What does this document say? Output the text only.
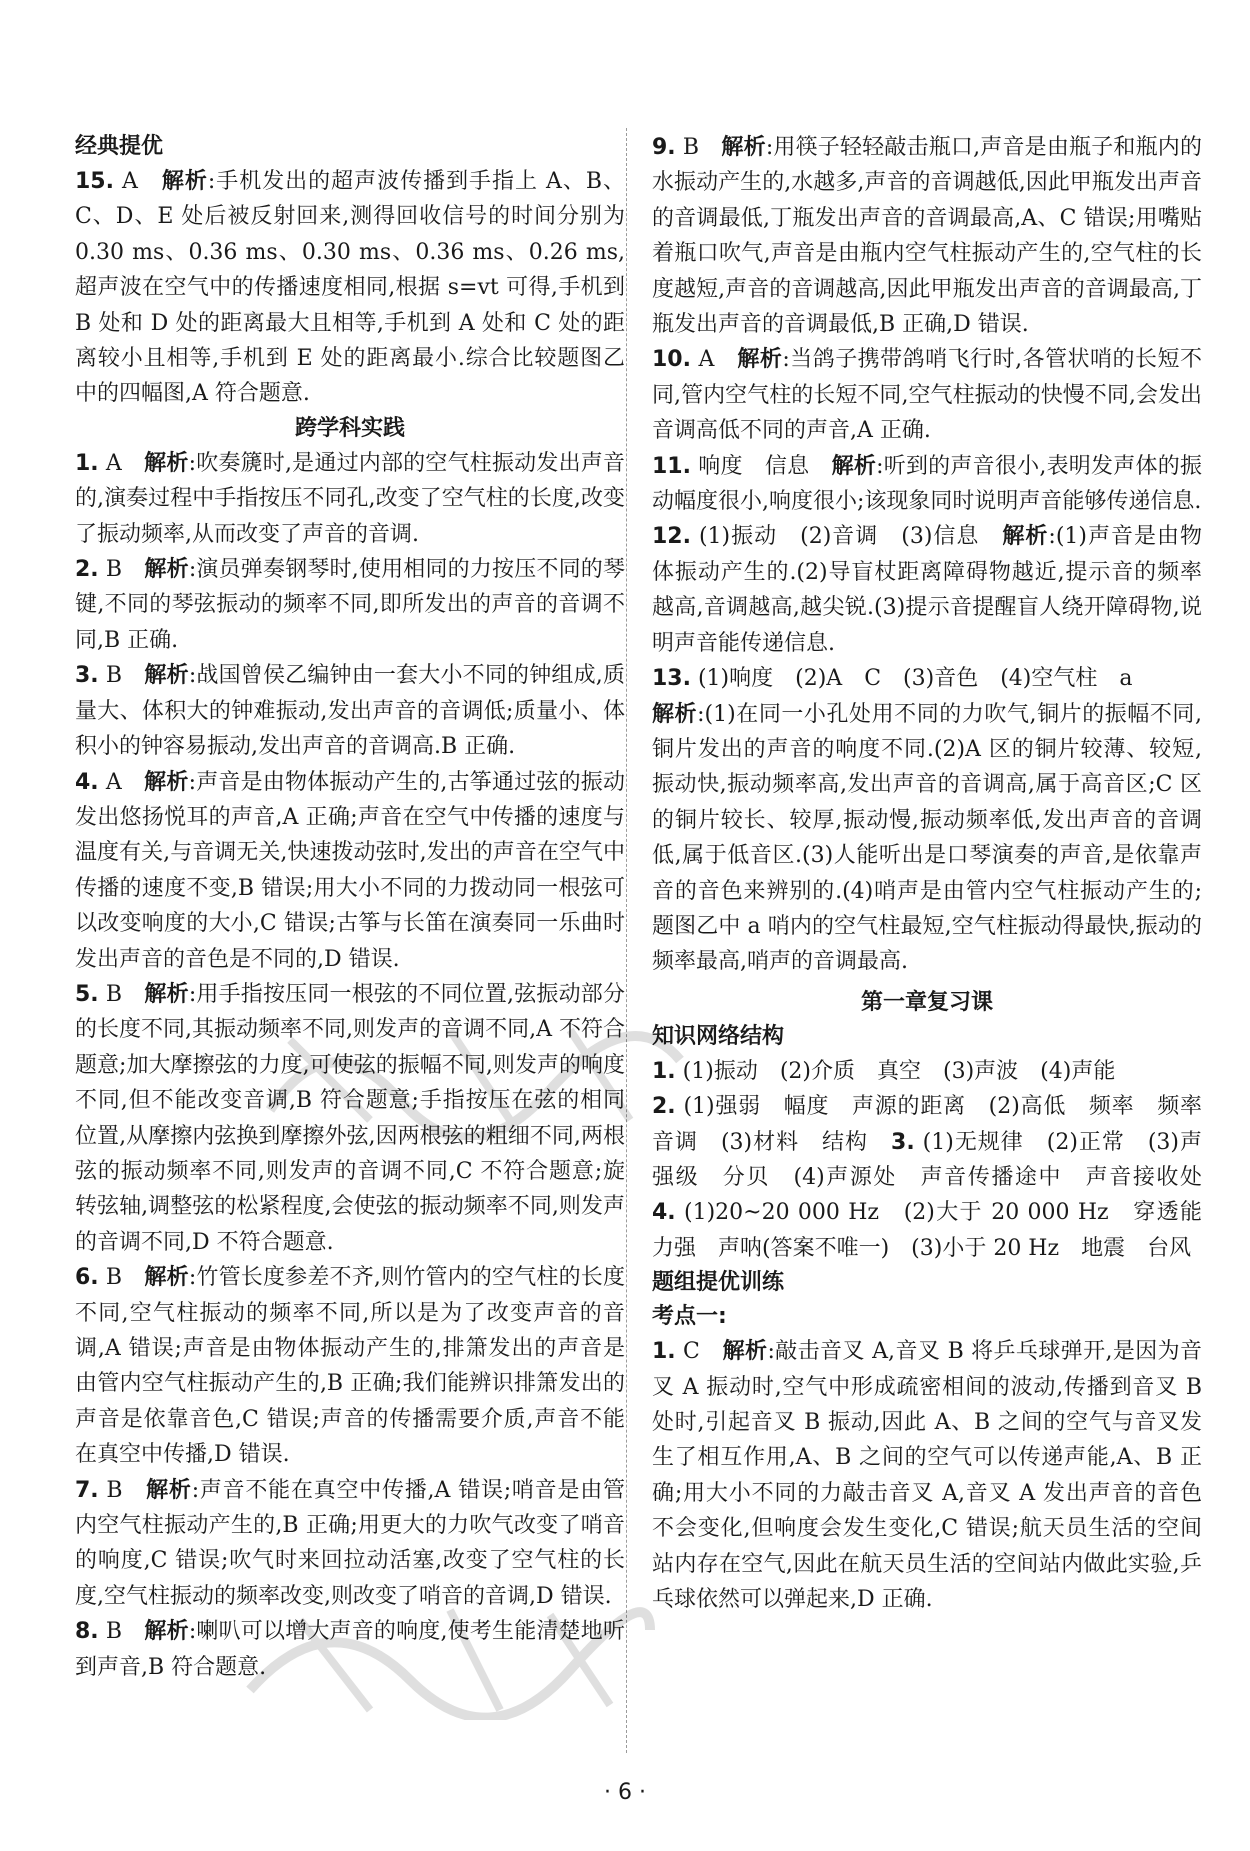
经典提优

15. A　 解析:手机发出的超声波传播到手指上 A、B、C、D、E 处后被反射回来,测得回收信号的时间分别为0.30 ms、0.36 ms、0.30 ms、0.36 ms、0.26 ms,超声波在空气中的传播速度相同,根据 s=vt 可得,手机到 B 处和 D 处的距离最大且相等,手机到 A 处和 C 处的距离较小且相等,手机到 E 处的距离最小.综合比较题图乙中的四幅图,A 符合题意.

跨学科实践

1. A　 解析:吹奏篪时,是通过内部的空气柱振动发出声音的,演奏过程中手指按压不同孔,改变了空气柱的长度,改变了振动频率,从而改变了声音的音调.

2. B　 解析:演员弹奏钢琴时,使用相同的力按压不同的琴键,不同的琴弦振动的频率不同,即所发出的声音的音调不同,B 正确.

3. B　 解析:战国曾侯乙编钟由一套大小不同的钟组成,质量大、体积大的钟难振动,发出声音的音调低;质量小、体积小的钟容易振动,发出声音的音调高.B 正确.

4. A　 解析:声音是由物体振动产生的,古筝通过弦的振动发出悠扬悦耳的声音,A 正确;声音在空气中传播的速度与温度有关,与音调无关,快速拨动弦时,发出的声音在空气中传播的速度不变,B 错误;用大小不同的力拨动同一根弦可以改变响度的大小,C 错误;古筝与长笛在演奏同一乐曲时发出声音的音色是不同的,D 错误.

5. B　 解析:用手指按压同一根弦的不同位置,弦振动部分的长度不同,其振动频率不同,则发声的音调不同,A 不符合题意;加大摩擦弦的力度,可使弦的振幅不同,则发声的响度不同,但不能改变音调,B 符合题意;手指按压在弦的相同位置,从摩擦内弦换到摩擦外弦,因两根弦的粗细不同,两根弦的振动频率不同,则发声的音调不同,C 不符合题意;旋转弦轴,调整弦的松紧程度,会使弦的振动频率不同,则发声的音调不同,D 不符合题意.

6. B　 解析:竹管长度参差不齐,则竹管内的空气柱的长度不同,空气柱振动的频率不同,所以是为了改变声音的音调,A 错误;声音是由物体振动产生的,排箫发出的声音是由管内空气柱振动产生的,B 正确;我们能辨识排箫发出的声音是依靠音色,C 错误;声音的传播需要介质,声音不能在真空中传播,D 错误.

7. B　 解析:声音不能在真空中传播,A 错误;哨音是由管内空气柱振动产生的,B 正确;用更大的力吹气改变了哨音的响度,C 错误;吹气时来回拉动活塞,改变了空气柱的长度,空气柱振动的频率改变,则改变了哨音的音调,D 错误.

8. B　 解析:喇叭可以增大声音的响度,使考生能清楚地听到声音,B 符合题意.

9. B　 解析:用筷子轻轻敲击瓶口,声音是由瓶子和瓶内的水振动产生的,水越多,声音的音调越低,因此甲瓶发出声音的音调最低,丁瓶发出声音的音调最高,A、C 错误;用嘴贴着瓶口吹气,声音是由瓶内空气柱振动产生的,空气柱的长度越短,声音的音调越高,因此甲瓶发出声音的音调最高,丁瓶发出声音的音调最低,B 正确,D 错误.

10. A　 解析:当鸽子携带鸽哨飞行时,各管状哨的长短不同,管内空气柱的长短不同,空气柱振动的快慢不同,会发出音调高低不同的声音,A 正确.

11. 响度　信息　 解析:听到的声音很小,表明发声体的振动幅度很小,响度很小;该现象同时说明声音能够传递信息.

12. (1)振动　(2)音调　(3)信息　 解析:(1)声音是由物体振动产生的.(2)导盲杖距离障碍物越近,提示音的频率越高,音调越高,越尖锐.(3)提示音提醒盲人绕开障碍物,说明声音能传递信息.

13. (1)响度　(2)A　C　(3)音色　(4)空气柱　a

解析:(1)在同一小孔处用不同的力吹气,铜片的振幅不同,铜片发出的声音的响度不同.(2)A 区的铜片较薄、较短,振动快,振动频率高,发出声音的音调高,属于高音区;C 区的铜片较长、较厚,振动慢,振动频率低,发出声音的音调低,属于低音区.(3)人能听出是口琴演奏的声音,是依靠声音的音色来辨别的.(4)哨声是由管内空气柱振动产生的;题图乙中 a 哨内的空气柱最短,空气柱振动得最快,振动的频率最高,哨声的音调最高.

第一章复习课

知识网络结构

1. (1)振动　(2)介质　真空　(3)声波　(4)声能

2. (1)强弱　幅度　声源的距离　(2)高低　频率　频率　音调　(3)材料　结构　3. (1)无规律　(2)正常　(3)声强级　分贝　(4)声源处　声音传播途中　声音接收处　4. (1)20~20 000 Hz　(2)大于 20 000 Hz　穿透能力强　声呐(答案不唯一)　(3)小于 20 Hz　地震　台风

题组提优训练

考点一:

1. C　 解析:敲击音叉 A,音叉 B 将乒乓球弹开,是因为音叉 A 振动时,空气中形成疏密相间的波动,传播到音叉 B 处时,引起音叉 B 振动,因此 A、B 之间的空气与音叉发生了相互作用,A、B 之间的空气可以传递声能,A、B 正确;用大小不同的力敲击音叉 A,音叉 A 发出声音的音色不会变化,但响度会发生变化,C 错误;航天员生活的空间站内存在空气,因此在航天员生活的空间站内做此实验,乒乓球依然可以弹起来,D 正确.

· 6 ·
